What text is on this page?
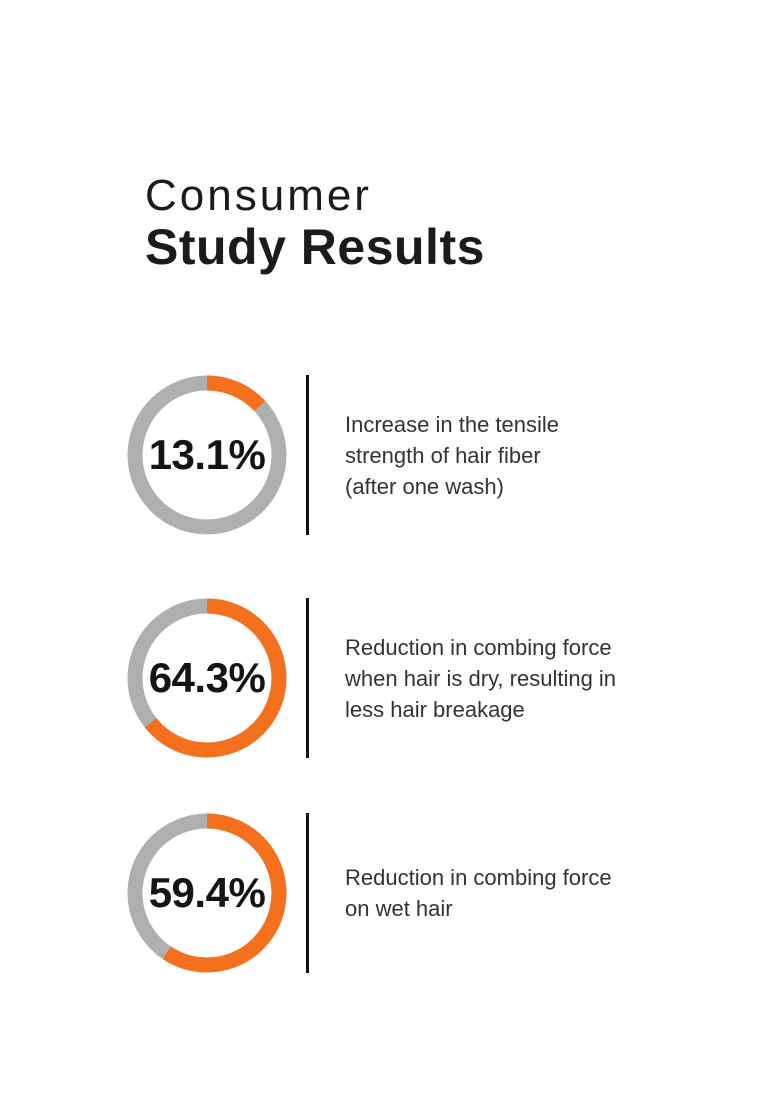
Consumer
Study Results
13.1%
Increase in the tensile
strength of hair fiber
(after one wash)
64.3%
Reduction in combing force
when hair is dry, resulting in
less hair breakage
59.4%	Reduction in combing force
on wet hair
